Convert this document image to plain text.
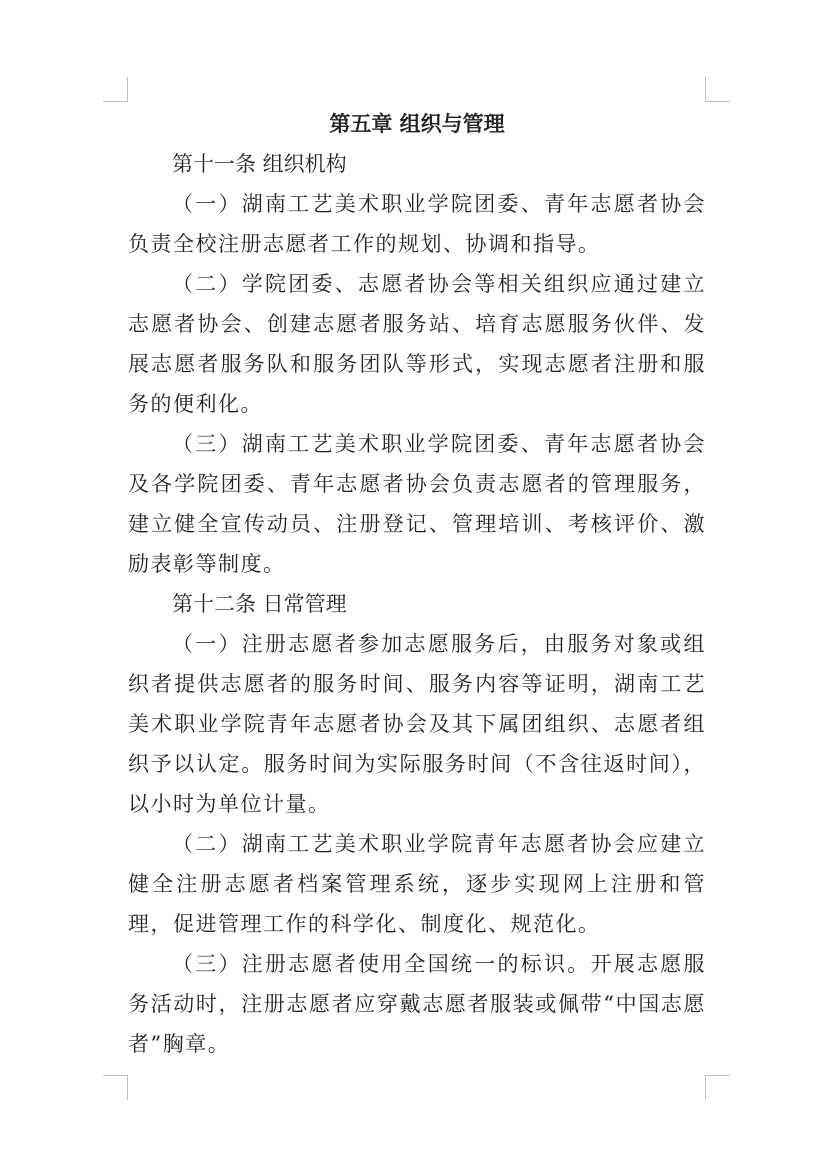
第五章 组织与管理

第十一条 组织机构

（一）湖南工艺美术职业学院团委、青年志愿者协会负责全校注册志愿者工作的规划、协调和指导。

（二）学院团委、志愿者协会等相关组织应通过建立志愿者协会、创建志愿者服务站、培育志愿服务伙伴、发展志愿者服务队和服务团队等形式，实现志愿者注册和服务的便利化。

（三）湖南工艺美术职业学院团委、青年志愿者协会及各学院团委、青年志愿者协会负责志愿者的管理服务，建立健全宣传动员、注册登记、管理培训、考核评价、激励表彰等制度。

第十二条 日常管理

（一）注册志愿者参加志愿服务后，由服务对象或组织者提供志愿者的服务时间、服务内容等证明，湖南工艺美术职业学院青年志愿者协会及其下属团组织、志愿者组织予以认定。服务时间为实际服务时间（不含往返时间），以小时为单位计量。

（二）湖南工艺美术职业学院青年志愿者协会应建立健全注册志愿者档案管理系统，逐步实现网上注册和管理，促进管理工作的科学化、制度化、规范化。

（三）注册志愿者使用全国统一的标识。开展志愿服务活动时，注册志愿者应穿戴志愿者服装或佩带“中国志愿者”胸章。
